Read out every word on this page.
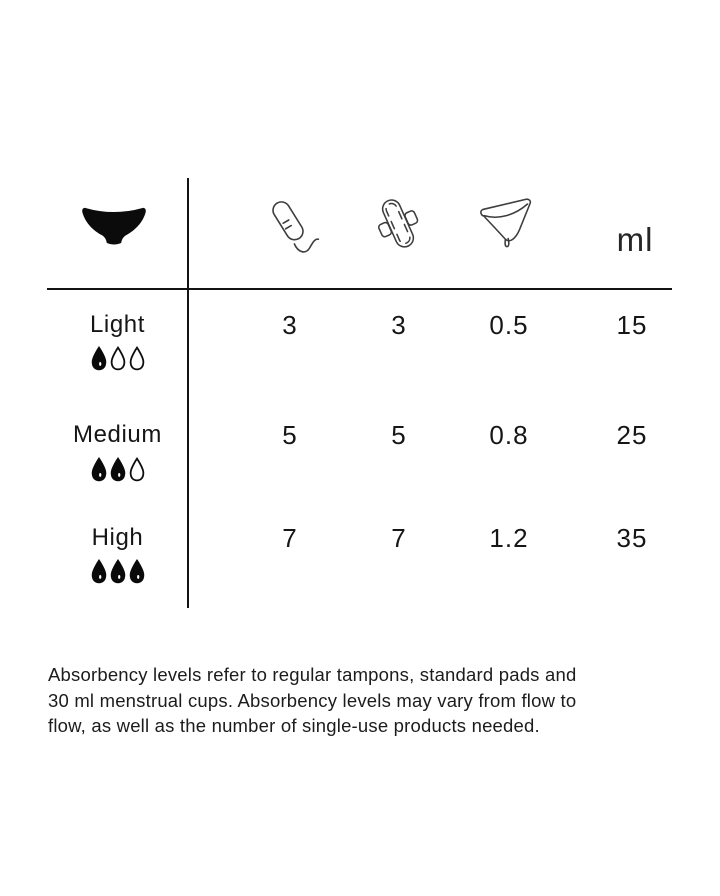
ml
Light	3	3	0.5	15
Medium	5	5	0.8	25
High	7	7	1.2	35
Absorbency levels refer to regular tampons, standard pads and
30 ml menstrual cups. Absorbency levels may vary from flow to
flow, as well as the number of single-use products needed.
